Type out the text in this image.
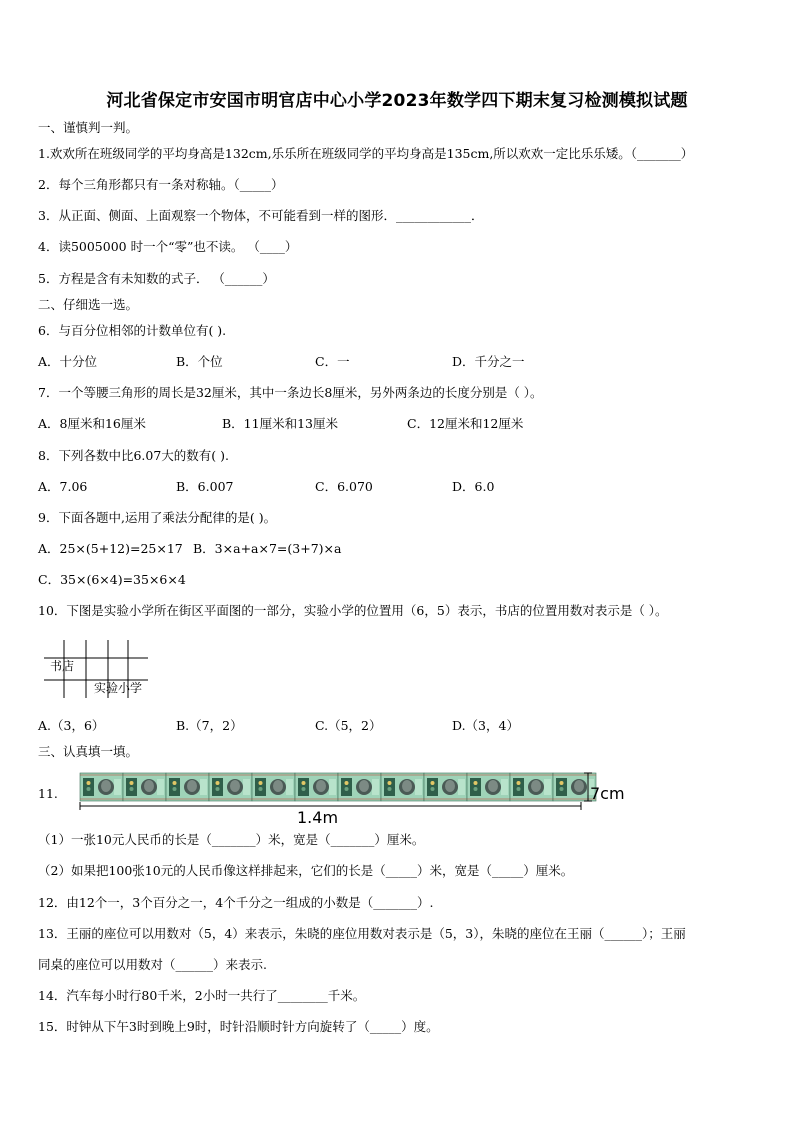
河北省保定市安国市明官店中心小学2023年数学四下期末复习检测模拟试题
一、谨慎判一判。
1.欢欢所在班级同学的平均身高是132cm,乐乐所在班级同学的平均身高是135cm,所以欢欢一定比乐乐矮。（_______）
2．每个三角形都只有一条对称轴。（_____）
3．从正面、侧面、上面观察一个物体，不可能看到一样的图形．____________．
4．读5005000 时一个“零”也不读。 （____）
5．方程是含有未知数的式子． （______）
二、仔细选一选。
6．与百分位相邻的计数单位有( ).
A．十分位	B．个位	C．一	D．千分之一
7．一个等腰三角形的周长是32厘米，其中一条边长8厘米，另外两条边的长度分别是（ ）。
A．8厘米和16厘米	B．11厘米和13厘米	C．12厘米和12厘米
8．下列各数中比6.07大的数有( ).
A．7.06	B．6.007	C．6.070	D．6.0
9．下面各题中,运用了乘法分配律的是( )。
A．25×(5+12)=25×17 B．3×a+a×7=(3+7)×a
C．35×(6×4)=35×6×4
10．下图是实验小学所在街区平面图的一部分，实验小学的位置用（6，5）表示，书店的位置用数对表示是（ ）。
书店
实验小学
A.（3，6）	B.（7，2）	C.（5，2）	D.（3，4）
三、认真填一填。
11.	7cm
1.4m
（1）一张10元人民币的长是（_______）米，宽是（_______）厘米。
（2）如果把100张10元的人民币像这样排起来，它们的长是（_____）米，宽是（_____）厘米。
12．由12个一，3个百分之一，4个千分之一组成的小数是（_______）.
13．王丽的座位可以用数对（5，4）来表示，朱晓的座位用数对表示是（5，3），朱晓的座位在王丽（______）；王丽
同桌的座位可以用数对（______）来表示.
14．汽车每小时行80千米，2小时一共行了________千米。
15．时钟从下午3时到晚上9时，时针沿顺时针方向旋转了（_____）度。
